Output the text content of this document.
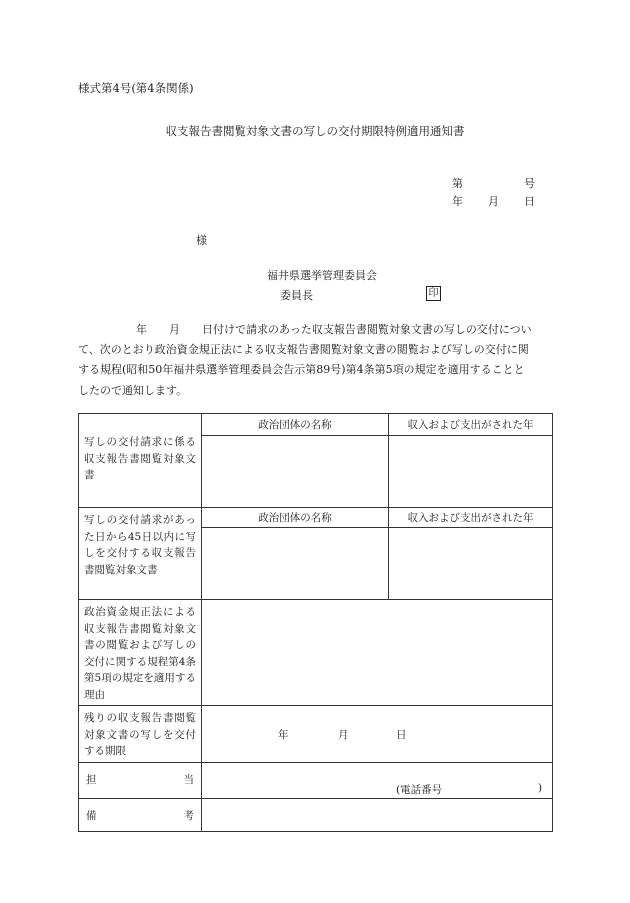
様式第4号(第4条関係)
収支報告書閲覧対象文書の写しの交付期限特例適用通知書
第	号
年 月 日
様
福井県選挙管理委員会
委員長	印

年 月 日付けで請求のあった収支報告書閲覧対象文書の写しの交付につい

て、次のとおり政治資金規正法による収支報告書閲覧対象文書の閲覧および写しの交付に関

する規程(昭和50年福井県選挙管理委員会告示第89号)第4条第5項の規定を適用することと

したので通知します。

写しの交付請求に係る収支報告書閲覧対象文書	政治団体の名称	収入および支出がされた年

写しの交付請求があった日から45日以内に写しを交付する収支報告書閲覧対象文書	政治団体の名称	収入および支出がされた年

政治資金規正法による収支報告書閲覧対象文書の閲覧および写しの交付に関する規程第4条第5項の規定を適用する理由		
残りの収支報告書閲覧対象文書の写しを交付する期限	年 月 日	

担 当	(電話番号 )	

備 考		
